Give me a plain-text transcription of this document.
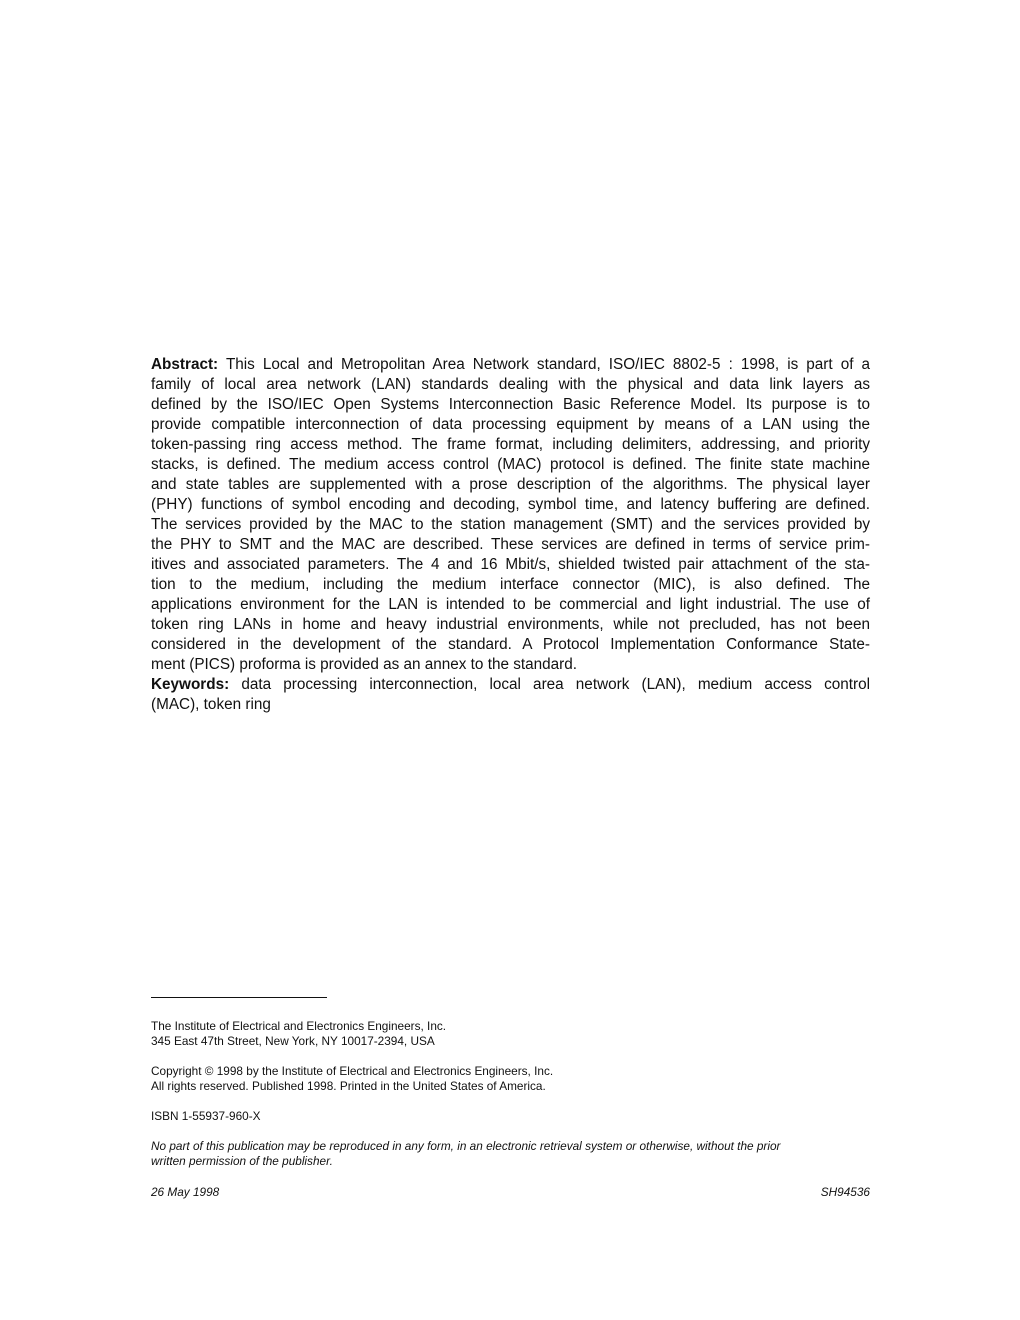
Abstract: This Local and Metropolitan Area Network standard, ISO/IEC 8802-5 : 1998, is part of a
family of local area network (LAN) standards dealing with the physical and data link layers as
defined by the ISO/IEC Open Systems Interconnection Basic Reference Model. Its purpose is to
provide compatible interconnection of data processing equipment by means of a LAN using the
token-passing ring access method. The frame format, including delimiters, addressing, and priority
stacks, is defined. The medium access control (MAC) protocol is defined. The finite state machine
and state tables are supplemented with a prose description of the algorithms. The physical layer
(PHY) functions of symbol encoding and decoding, symbol time, and latency buffering are defined.
The services provided by the MAC to the station management (SMT) and the services provided by
the PHY to SMT and the MAC are described. These services are defined in terms of service prim-
itives and associated parameters. The 4 and 16 Mbit/s, shielded twisted pair attachment of the sta-
tion to the medium, including the medium interface connector (MIC), is also defined. The
applications environment for the LAN is intended to be commercial and light industrial. The use of
token ring LANs in home and heavy industrial environments, while not precluded, has not been
considered in the development of the standard. A Protocol Implementation Conformance State-
ment (PICS) proforma is provided as an annex to the standard.
Keywords: data processing interconnection, local area network (LAN), medium access control
(MAC), token ring
The Institute of Electrical and Electronics Engineers, Inc.
345 East 47th Street, New York, NY 10017-2394, USA
Copyright © 1998 by the Institute of Electrical and Electronics Engineers, Inc.
All rights reserved. Published 1998. Printed in the United States of America.
ISBN 1-55937-960-X
No part of this publication may be reproduced in any form, in an electronic retrieval system or otherwise, without the prior
written permission of the publisher.
26 May 1998	SH94536
